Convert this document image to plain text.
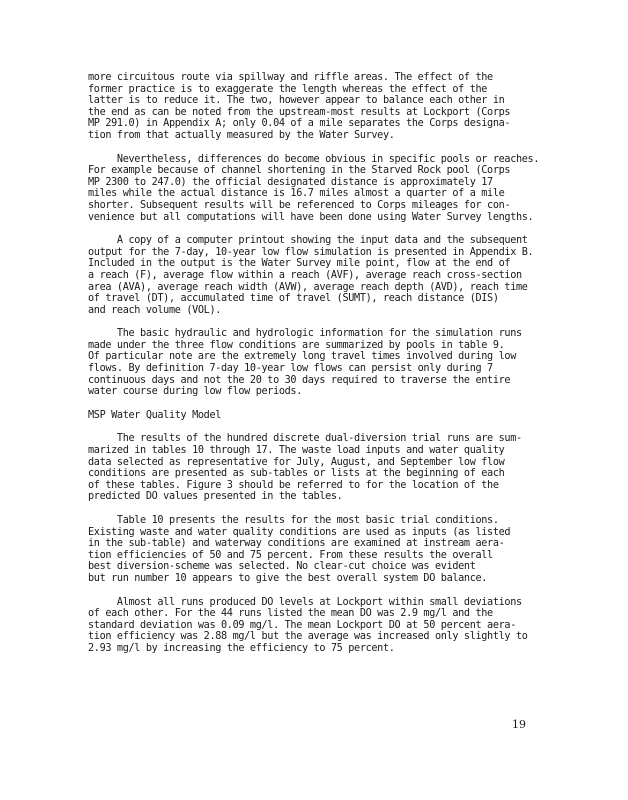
more circuitous route via spillway and riffle areas. The effect of the
former practice is to exaggerate the length whereas the effect of the
latter is to reduce it. The two, however appear to balance each other in
the end as can be noted from the upstream-most results at Lockport (Corps
MP 291.0) in Appendix A; only 0.04 of a mile separates the Corps designa-
tion from that actually measured by the Water Survey.
Nevertheless, differences do become obvious in specific pools or reaches.
For example because of channel shortening in the Starved Rock pool (Corps
MP 2300 to 247.0) the official designated distance is approximately 17
miles while the actual distance is 16.7 miles almost a quarter of a mile
shorter. Subsequent results will be referenced to Corps mileages for con-
venience but all computations will have been done using Water Survey lengths.
A copy of a computer printout showing the input data and the subsequent
output for the 7-day, 10-year low flow simulation is presented in Appendix B.
Included in the output is the Water Survey mile point, flow at the end of
a reach (F), average flow within a reach (AVF), average reach cross-section
area (AVA), average reach width (AVW), average reach depth (AVD), reach time
of travel (DT), accumulated time of travel (SUMT), reach distance (DIS)
and reach volume (VOL).
The basic hydraulic and hydrologic information for the simulation runs
made under the three flow conditions are summarized by pools in table 9.
Of particular note are the extremely long travel times involved during low
flows. By definition 7-day 10-year low flows can persist only during 7
continuous days and not the 20 to 30 days required to traverse the entire
water course during low flow periods.
MSP Water Quality Model
The results of the hundred discrete dual-diversion trial runs are sum-
marized in tables 10 through 17. The waste load inputs and water quality
data selected as representative for July, August, and September low flow
conditions are presented as sub-tables or lists at the beginning of each
of these tables. Figure 3 should be referred to for the location of the
predicted DO values presented in the tables.
Table 10 presents the results for the most basic trial conditions.
Existing waste and water quality conditions are used as inputs (as listed
in the sub-table) and waterway conditions are examined at instream aera-
tion efficiencies of 50 and 75 percent. From these results the overall
best diversion-scheme was selected. No clear-cut choice was evident
but run number 10 appears to give the best overall system DO balance.
Almost all runs produced DO levels at Lockport within small deviations
of each other. For the 44 runs listed the mean DO was 2.9 mg/l and the
standard deviation was 0.09 mg/l. The mean Lockport DO at 50 percent aera-
tion efficiency was 2.88 mg/l but the average was increased only slightly to
2.93 mg/l by increasing the efficiency to 75 percent.
19
